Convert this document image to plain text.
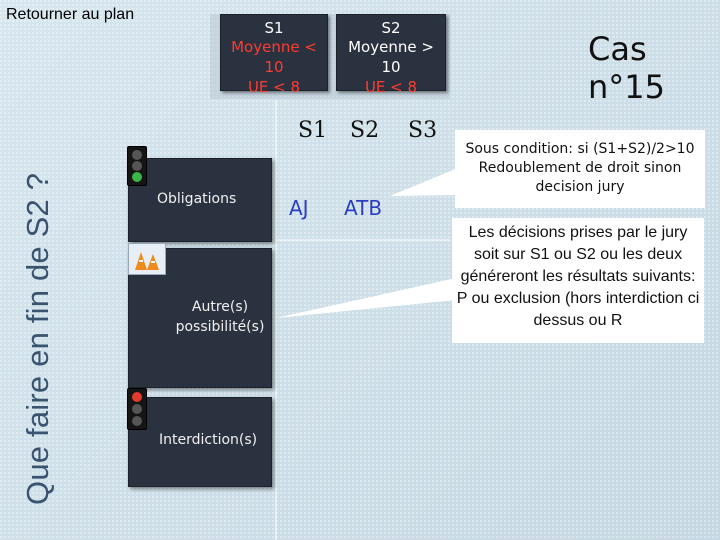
Retourner au plan
Que faire en fin de S2 ?
S1
Moyenne < 10
UE < 8
S2
Moyenne > 10
UE < 8
Cas n°15
S1 S2 S3
Obligations
Autre(s) possibilité(s)
Interdiction(s)
AJ ATB
Sous condition: si (S1+S2)/2>10 Redoublement de droit sinon decision jury
Les décisions prises par le jury soit sur S1 ou S2 ou les deux généreront les résultats suivants: P ou exclusion (hors interdiction ci dessus ou R
